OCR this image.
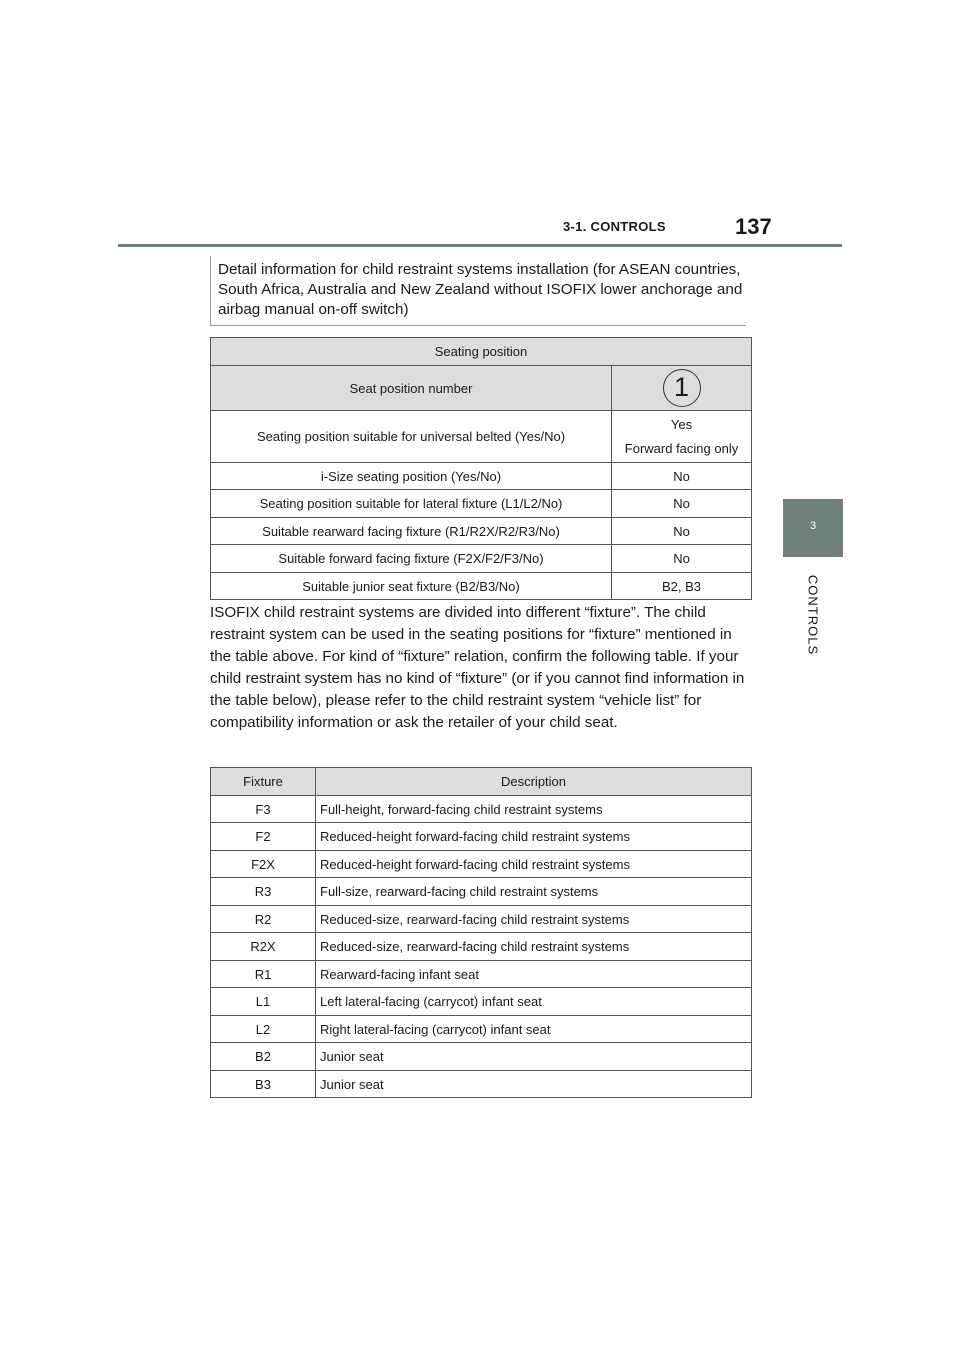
3-1. CONTROLS	137
3
CONTROLS
Detail information for child restraint systems installation (for ASEAN countries, South Africa, Australia and New Zealand without ISOFIX lower anchorage and airbag manual on-off switch)
Seating position	
Seat position number	1
Seating position suitable for universal belted (Yes/No)	Yes
Forward facing only

i-Size seating position (Yes/No)	No
Seating position suitable for lateral fixture (L1/L2/No)	No
Suitable rearward facing fixture (R1/R2X/R2/R3/No)	No
Suitable forward facing fixture (F2X/F2/F3/No)	No
Suitable junior seat fixture (B2/B3/No)	B2, B3

ISOFIX child restraint systems are divided into different “fixture”. The child restraint system can be used in the seating positions for “fixture” mentioned in the table above. For kind of “fixture” relation, confirm the following table. If your child restraint system has no kind of “fixture” (or if you cannot find information in the table below), please refer to the child restraint system “vehicle list” for compatibility information or ask the retailer of your child seat.

Fixture	Description
F3	Full-height, forward-facing child restraint systems
F2	Reduced-height forward-facing child restraint systems
F2X	Reduced-height forward-facing child restraint systems
R3	Full-size, rearward-facing child restraint systems
R2	Reduced-size, rearward-facing child restraint systems
R2X	Reduced-size, rearward-facing child restraint systems
R1	Rearward-facing infant seat
L1	Left lateral-facing (carrycot) infant seat
L2	Right lateral-facing (carrycot) infant seat
B2	Junior seat
B3	Junior seat
